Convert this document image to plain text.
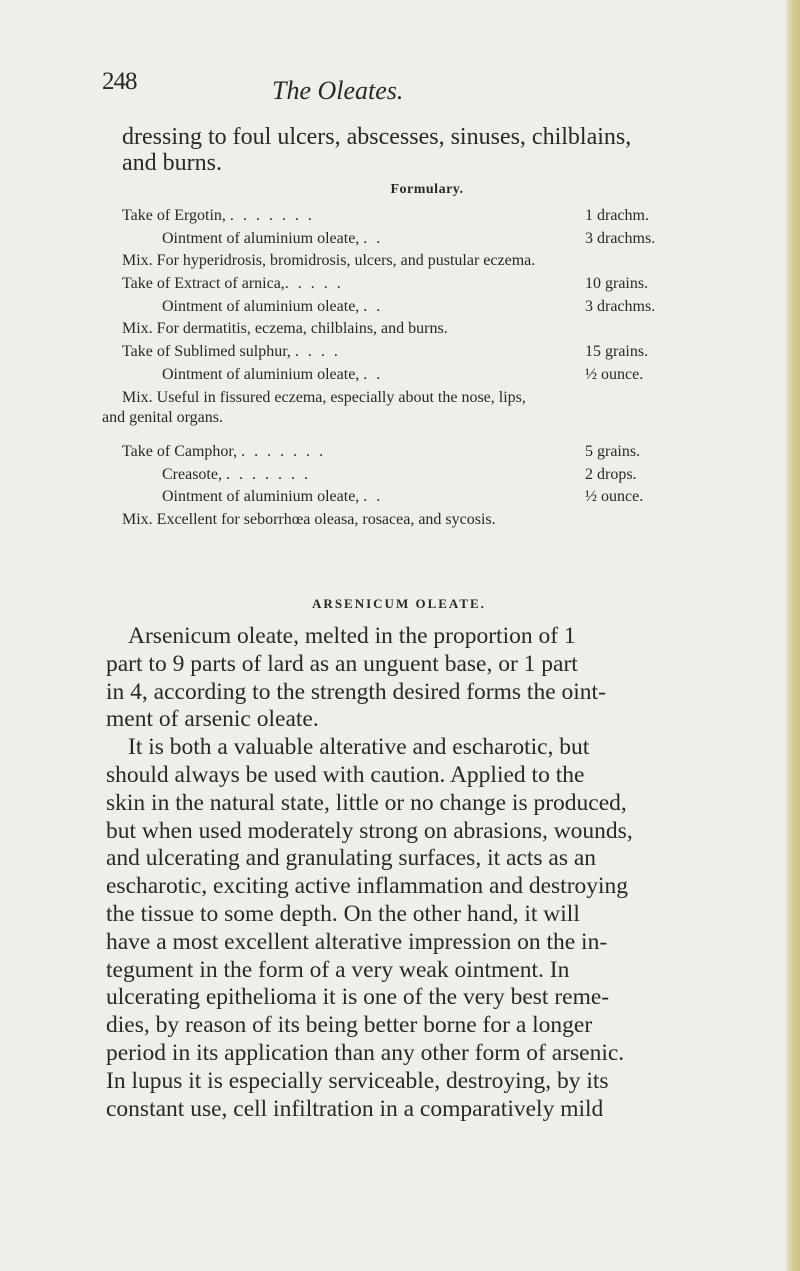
248	The Oleates.
dressing to foul ulcers, abscesses, sinuses, chilblains,
and burns.
Formulary.
Take of Ergotin, .......	1 drachm.
Ointment of aluminium oleate, ..	3 drachms.
Mix. For hyperidrosis, bromidrosis, ulcers, and pustular eczema.
Take of Extract of arnica,.....	10 grains.
Ointment of aluminium oleate, ..	3 drachms.
Mix. For dermatitis, eczema, chilblains, and burns.
Take of Sublimed sulphur, ....	15 grains.
Ointment of aluminium oleate, ..	½ ounce.
Mix. Useful in fissured eczema, especially about the nose, lips,
and genital organs.
Take of Camphor, .......	5 grains.
Creasote, .......	2 drops.
Ointment of aluminium oleate, ..	½ ounce.
Mix. Excellent for seborrhœa oleasa, rosacea, and sycosis.
ARSENICUM OLEATE.
Arsenicum oleate, melted in the proportion of 1
part to 9 parts of lard as an unguent base, or 1 part
in 4, according to the strength desired forms the oint-
ment of arsenic oleate.
It is both a valuable alterative and escharotic, but
should always be used with caution. Applied to the
skin in the natural state, little or no change is produced,
but when used moderately strong on abrasions, wounds,
and ulcerating and granulating surfaces, it acts as an
escharotic, exciting active inflammation and destroying
the tissue to some depth. On the other hand, it will
have a most excellent alterative impression on the in-
tegument in the form of a very weak ointment. In
ulcerating epithelioma it is one of the very best reme-
dies, by reason of its being better borne for a longer
period in its application than any other form of arsenic.
In lupus it is especially serviceable, destroying, by its
constant use, cell infiltration in a comparatively mild
